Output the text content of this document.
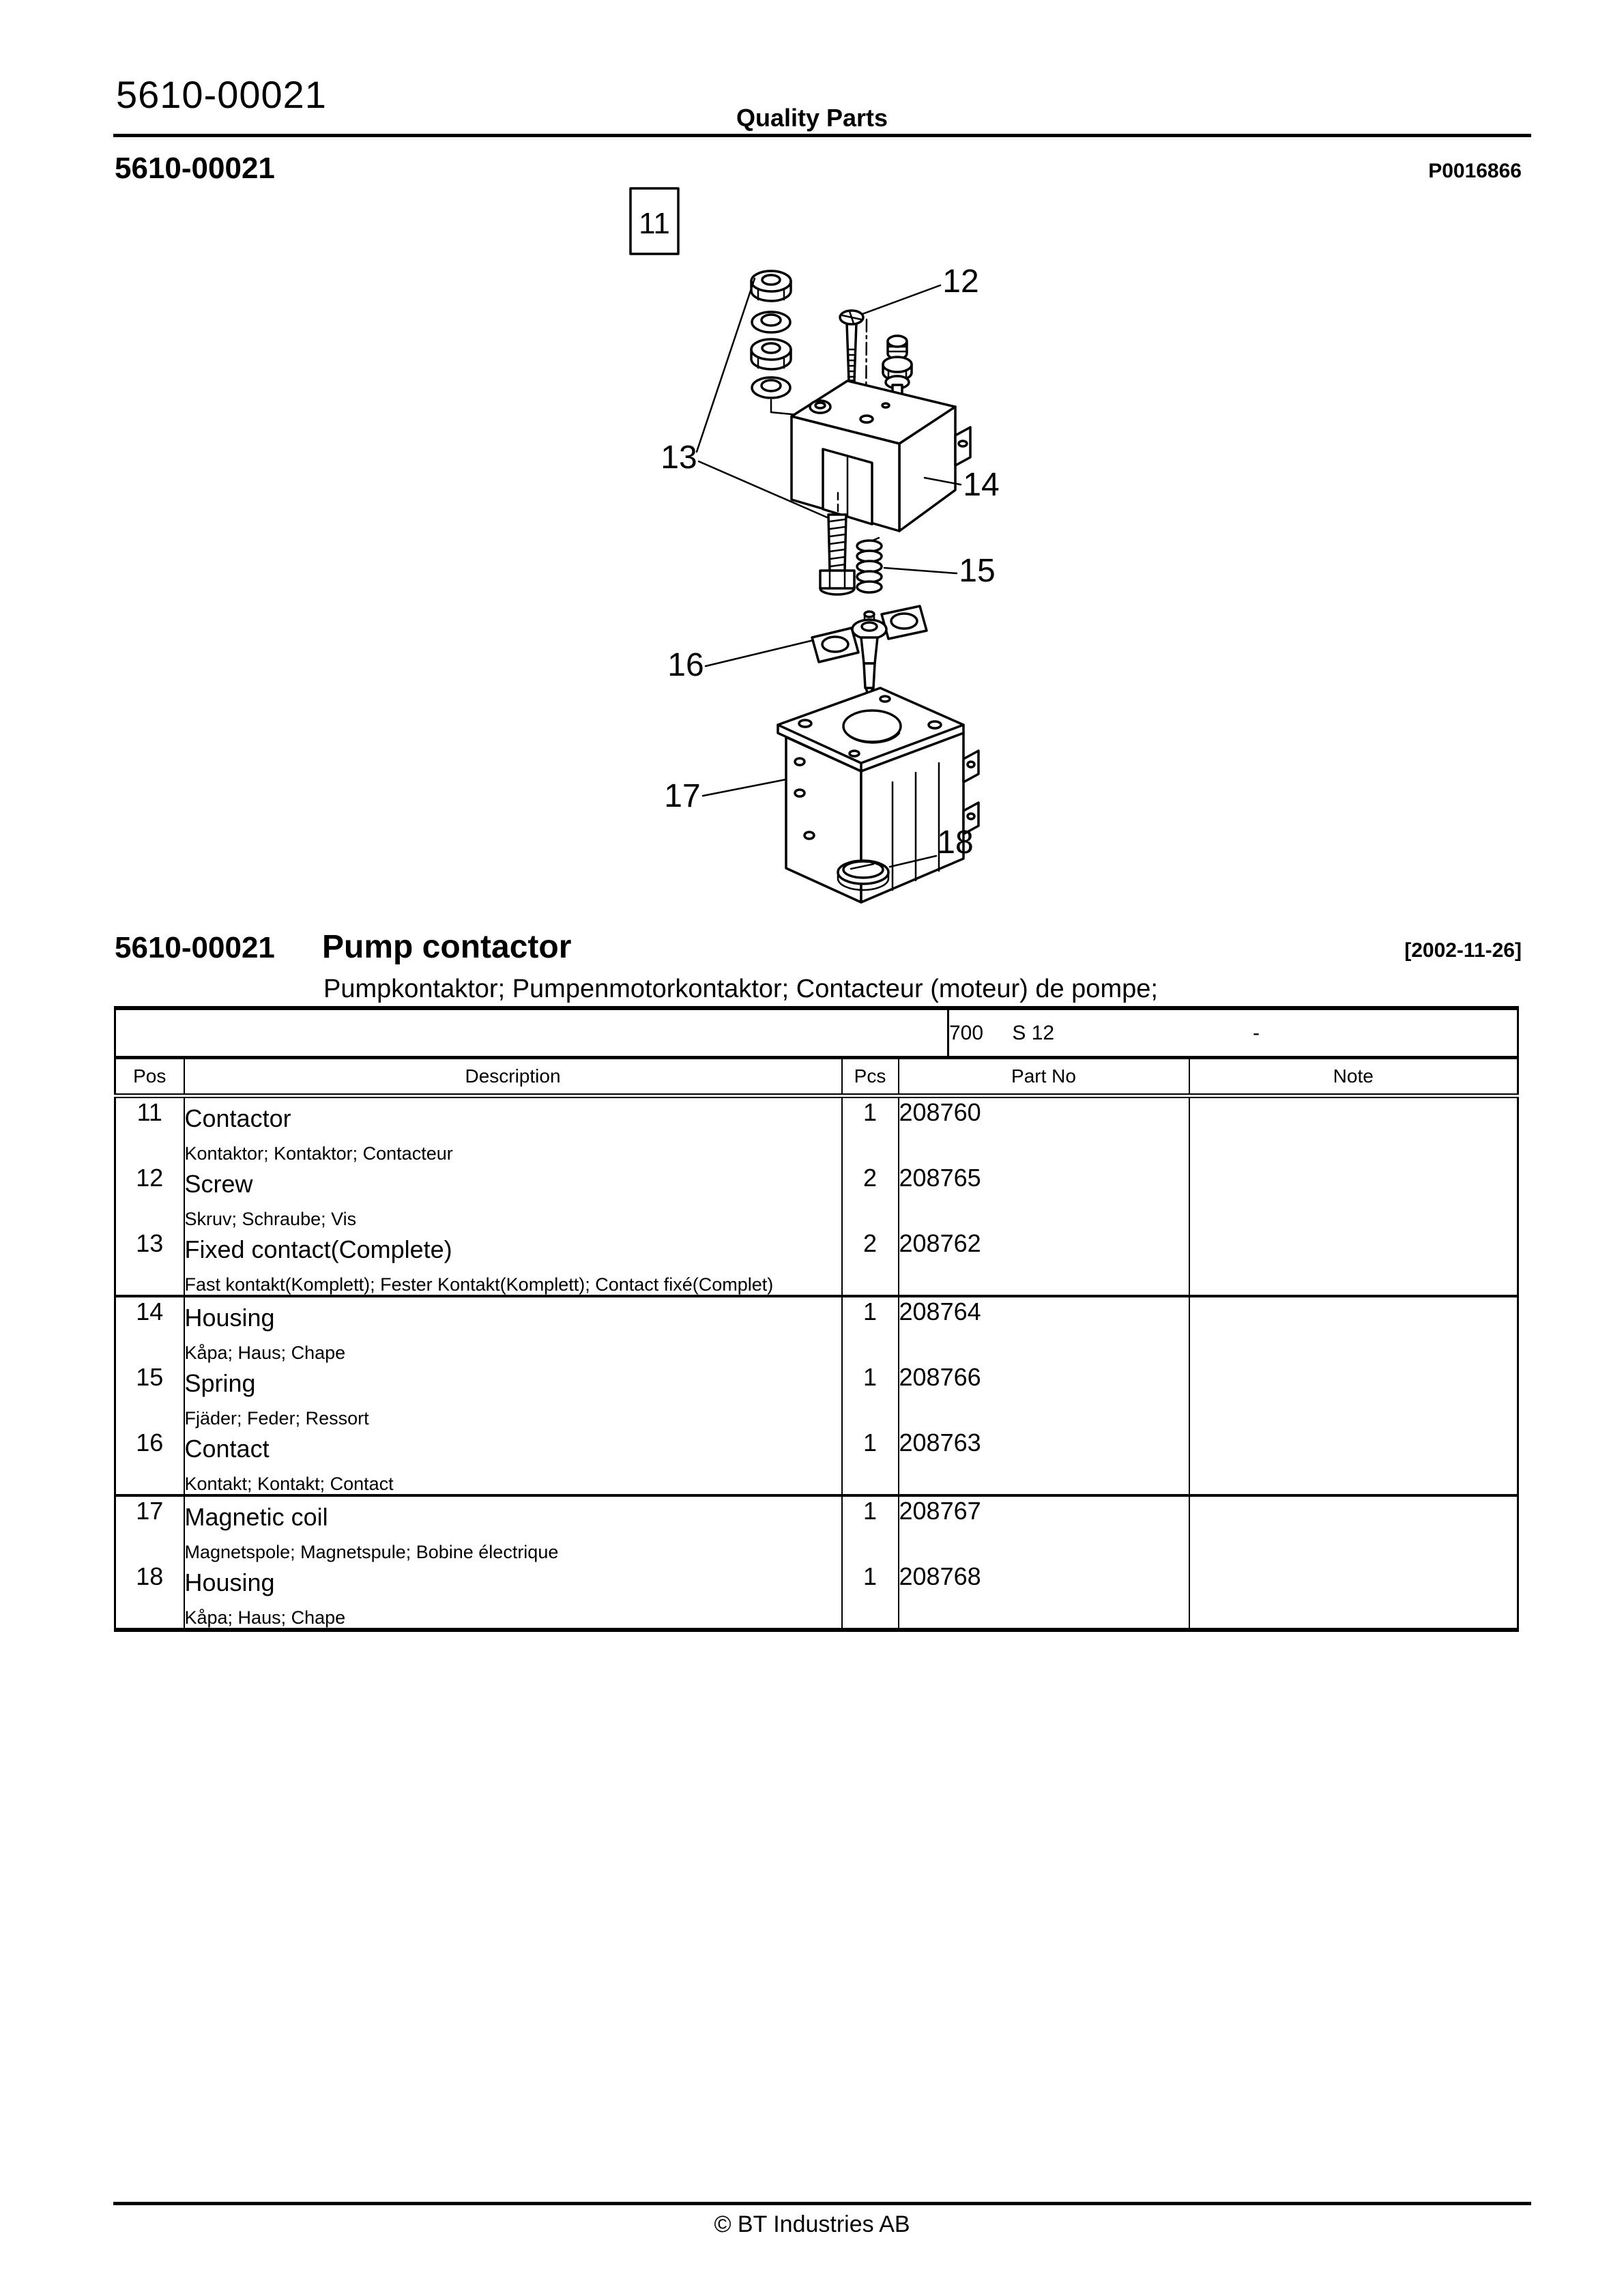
5610-00021
Quality Parts
5610-00021	P0016866
11
13
12
14
15
16
17
18
5610-00021 Pump contactor	[2002-11-26]
Pumpkontaktor; Pumpenmotorkontaktor; Contacteur (moteur) de pompe;
				700 S 12 -	

Pos	Description	Pcs	Part No		Note
11	Contactor
Kontaktor; Kontaktor; Contacteur	1	208760		
12	Screw
Skruv; Schraube; Vis	2	208765		
13	Fixed contact(Complete)
Fast kontakt(Komplett); Fester Kontakt(Komplett); Contact fixé(Complet)	2	208762		
14	Housing
Kåpa; Haus; Chape	1	208764		
15	Spring
Fjäder; Feder; Ressort	1	208766		
16	Contact
Kontakt; Kontakt; Contact	1	208763		
17	Magnetic coil
Magnetspole; Magnetspule; Bobine électrique	1	208767		
18	Housing
Kåpa; Haus; Chape	1	208768		
© BT Industries AB
